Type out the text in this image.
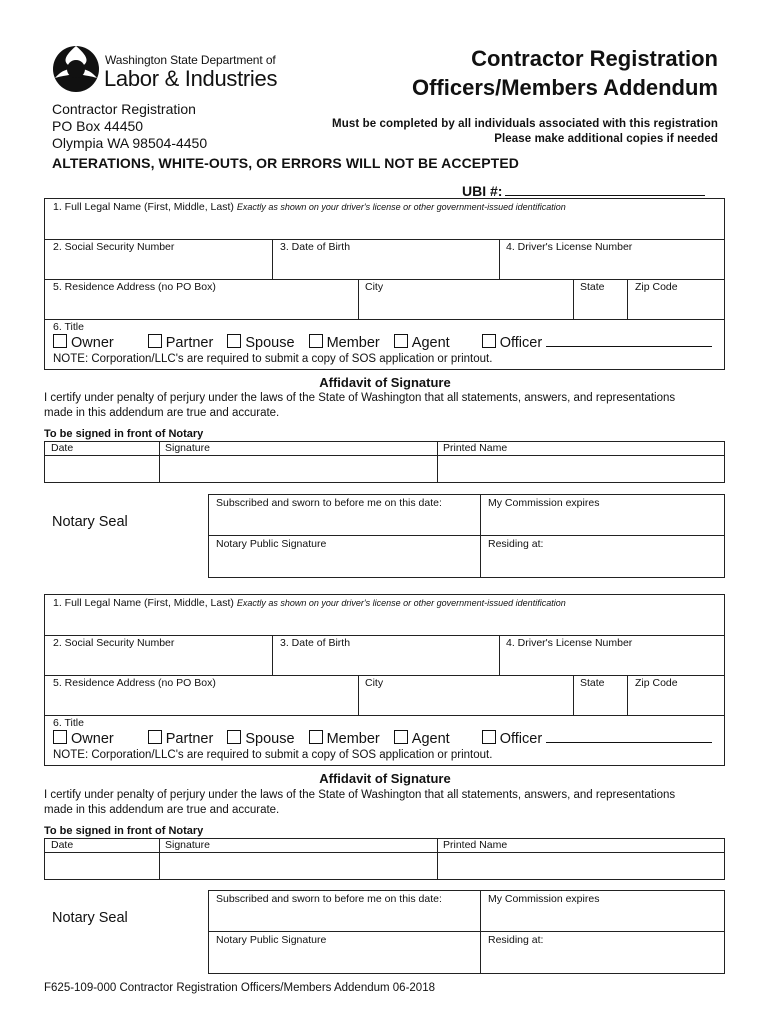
Washington State Department of
Labor & Industries
Contractor Registration
Officers/Members Addendum
Contractor Registration
PO Box 44450
Olympia WA 98504-4450
Must be completed by all individuals associated with this registration
Please make additional copies if needed
ALTERATIONS, WHITE-OUTS, OR ERRORS WILL NOT BE ACCEPTED
UBI #:
1. Full Legal Name (First, Middle, Last) Exactly as shown on your driver's license or other government-issued identification
2. Social Security Number	3. Date of Birth	4. Driver's License Number
5. Residence Address (no PO Box)	City	State	Zip Code
6. Title
Owner	Partner Spouse Member Agent	Officer
NOTE: Corporation/LLC's are required to submit a copy of SOS application or printout.
Affidavit of Signature
I certify under penalty of perjury under the laws of the State of Washington that all statements, answers, and representations made in this addendum are true and accurate.
To be signed in front of Notary
Date	Signature	Printed Name
Notary Seal
Subscribed and sworn to before me on this date:	My Commission expires
Notary Public Signature	Residing at:
1. Full Legal Name (First, Middle, Last) Exactly as shown on your driver's license or other government-issued identification
2. Social Security Number	3. Date of Birth	4. Driver's License Number
5. Residence Address (no PO Box)	City	State	Zip Code
6. Title
Owner	Partner Spouse Member Agent	Officer
NOTE: Corporation/LLC's are required to submit a copy of SOS application or printout.
Affidavit of Signature
I certify under penalty of perjury under the laws of the State of Washington that all statements, answers, and representations made in this addendum are true and accurate.
To be signed in front of Notary
Date	Signature	Printed Name
Notary Seal
Subscribed and sworn to before me on this date:	My Commission expires
Notary Public Signature	Residing at:
F625-109-000 Contractor Registration Officers/Members Addendum 06-2018
